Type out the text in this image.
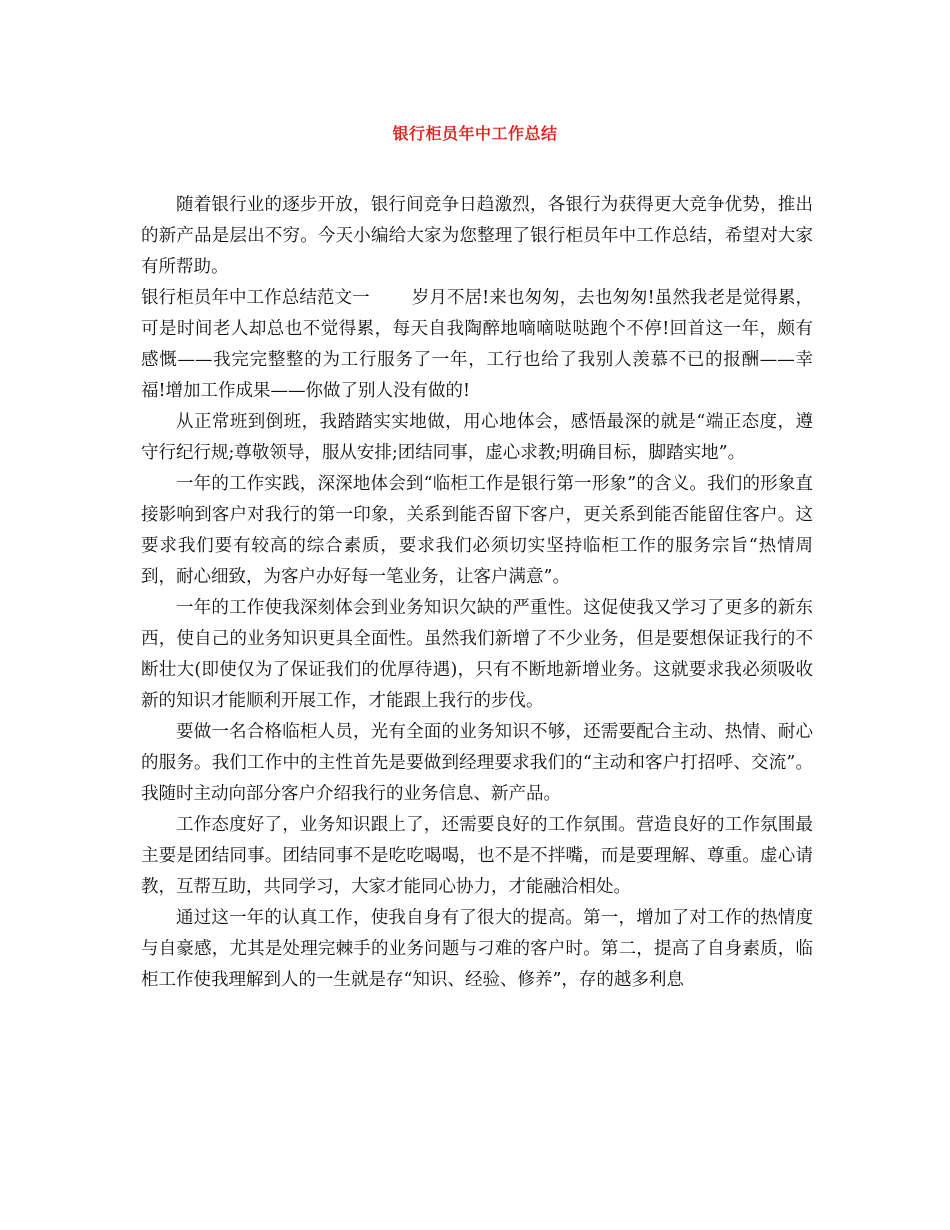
银行柜员年中工作总结

随着银行业的逐步开放，银行间竞争日趋激烈，各银行为获得更大竞争优势，推出的新产品是层出不穷。今天小编给大家为您整理了银行柜员年中工作总结，希望对大家有所帮助。

银行柜员年中工作总结范文一 岁月不居!来也匆匆，去也匆匆!虽然我老是觉得累，可是时间老人却总也不觉得累，每天自我陶醉地嘀嘀哒哒跑个不停!回首这一年，颇有感慨——我完完整整的为工行服务了一年，工行也给了我别人羡慕不已的报酬——幸福!增加工作成果——你做了别人没有做的!

从正常班到倒班，我踏踏实实地做，用心地体会，感悟最深的就是“端正态度，遵守行纪行规;尊敬领导，服从安排;团结同事，虚心求教;明确目标，脚踏实地”。

一年的工作实践，深深地体会到“临柜工作是银行第一形象”的含义。我们的形象直接影响到客户对我行的第一印象，关系到能否留下客户，更关系到能否能留住客户。这要求我们要有较高的综合素质，要求我们必须切实坚持临柜工作的服务宗旨“热情周到，耐心细致，为客户办好每一笔业务，让客户满意”。

一年的工作使我深刻体会到业务知识欠缺的严重性。这促使我又学习了更多的新东西，使自己的业务知识更具全面性。虽然我们新增了不少业务，但是要想保证我行的不断壮大(即使仅为了保证我们的优厚待遇)，只有不断地新增业务。这就要求我必须吸收新的知识才能顺利开展工作，才能跟上我行的步伐。

要做一名合格临柜人员，光有全面的业务知识不够，还需要配合主动、热情、耐心的服务。我们工作中的主性首先是要做到经理要求我们的“主动和客户打招呼、交流”。我随时主动向部分客户介绍我行的业务信息、新产品。

工作态度好了，业务知识跟上了，还需要良好的工作氛围。营造良好的工作氛围最主要是团结同事。团结同事不是吃吃喝喝，也不是不拌嘴，而是要理解、尊重。虚心请教，互帮互助，共同学习，大家才能同心协力，才能融洽相处。

通过这一年的认真工作，使我自身有了很大的提高。第一，增加了对工作的热情度与自豪感，尤其是处理完棘手的业务问题与刁难的客户时。第二，提高了自身素质，临柜工作使我理解到人的一生就是存“知识、经验、修养”，存的越多利息
